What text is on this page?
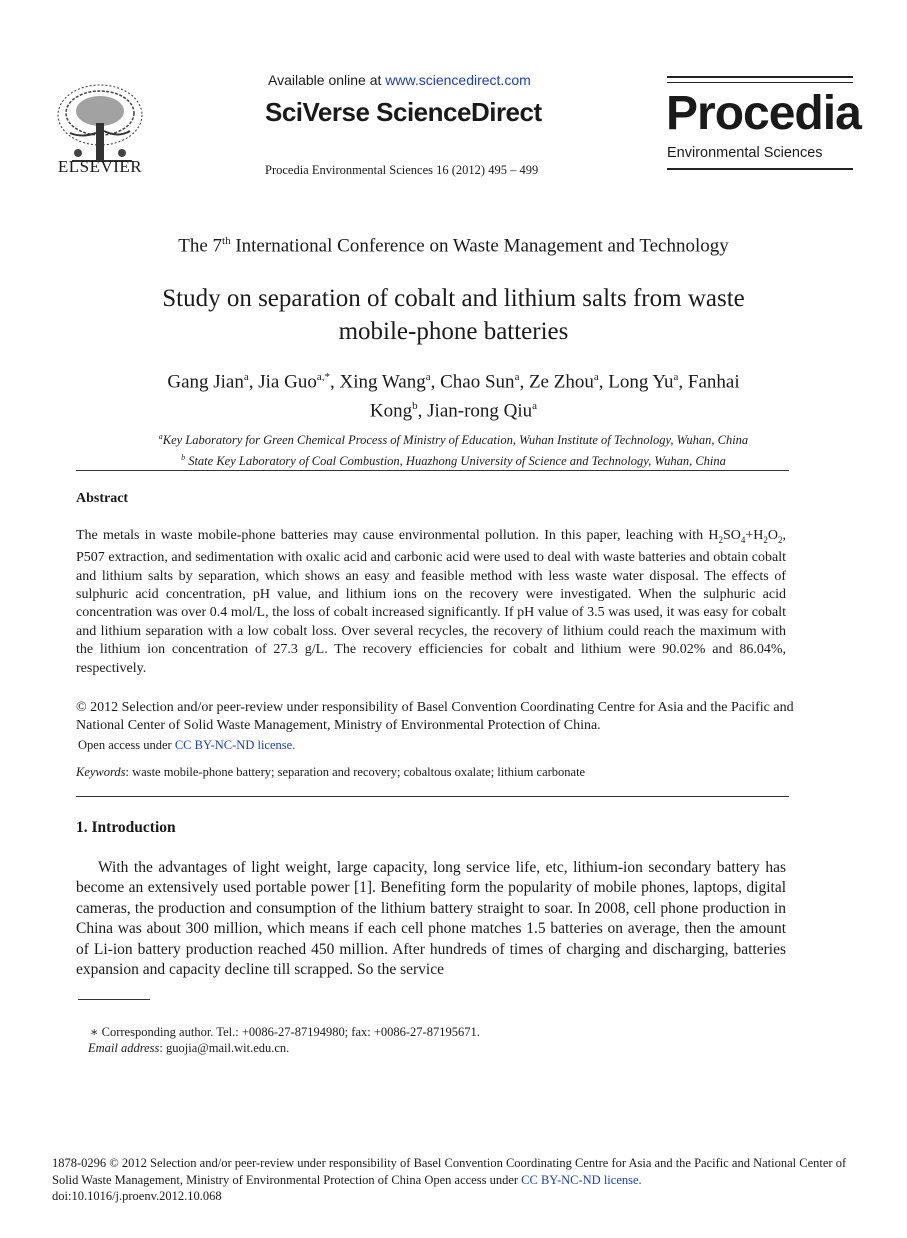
ELSEVIER
Available online at www.sciencedirect.com
SciVerse ScienceDirect
Procedia Environmental Sciences 16 (2012) 495 – 499
Procedia
Environmental Sciences
The 7th International Conference on Waste Management and Technology
Study on separation of cobalt and lithium salts from waste
mobile-phone batteries
Gang Jian$^a$, Jia Guo$^{a,*}$, Xing Wang$^a$, Chao Sun$^a$, Ze Zhou$^a$, Long Yu$^a$, Fanhai
Kong$^b$, Jian-rong Qiu$^a$
$^a$Key Laboratory for Green Chemical Process of Ministry of Education, Wuhan Institute of Technology, Wuhan, China
$^b$ State Key Laboratory of Coal Combustion, Huazhong University of Science and Technology, Wuhan, China
Abstract
The metals in waste mobile-phone batteries may cause environmental pollution. In this paper, leaching with $H_2SO_4+H_2O_2$, P507 extraction, and sedimentation with oxalic acid and carbonic acid were used to deal with waste batteries and obtain cobalt and lithium salts by separation, which shows an easy and feasible method with less waste water disposal. The effects of sulphuric acid concentration, pH value, and lithium ions on the recovery were investigated. When the sulphuric acid concentration was over 0.4 mol/L, the loss of cobalt increased significantly. If pH value of 3.5 was used, it was easy for cobalt and lithium separation with a low cobalt loss. Over several recycles, the recovery of lithium could reach the maximum with the lithium ion concentration of 27.3 g/L. The recovery efficiencies for cobalt and lithium were 90.02% and 86.04%, respectively.
© 2012 Selection and/or peer-review under responsibility of Basel Convention Coordinating Centre for Asia and the Pacific and National Center of Solid Waste Management, Ministry of Environmental Protection of China.
Open access under CC BY-NC-ND license.
Keywords: waste mobile-phone battery; separation and recovery; cobaltous oxalate; lithium carbonate
1. Introduction
With the advantages of light weight, large capacity, long service life, etc, lithium-ion secondary battery has become an extensively used portable power [1]. Benefiting form the popularity of mobile phones, laptops, digital cameras, the production and consumption of the lithium battery straight to soar. In 2008, cell phone production in China was about 300 million, which means if each cell phone matches 1.5 batteries on average, then the amount of Li-ion battery production reached 450 million. After hundreds of times of charging and discharging, batteries expansion and capacity decline till scrapped. So the service
∗ Corresponding author. Tel.: +0086-27-87194980; fax: +0086-27-87195671.
Email address: guojia@mail.wit.edu.cn.
1878-0296 © 2012 Selection and/or peer-review under responsibility of Basel Convention Coordinating Centre for Asia and the Pacific and National Center of Solid Waste Management, Ministry of Environmental Protection of China Open access under CC BY-NC-ND license.
doi:10.1016/j.proenv.2012.10.068
